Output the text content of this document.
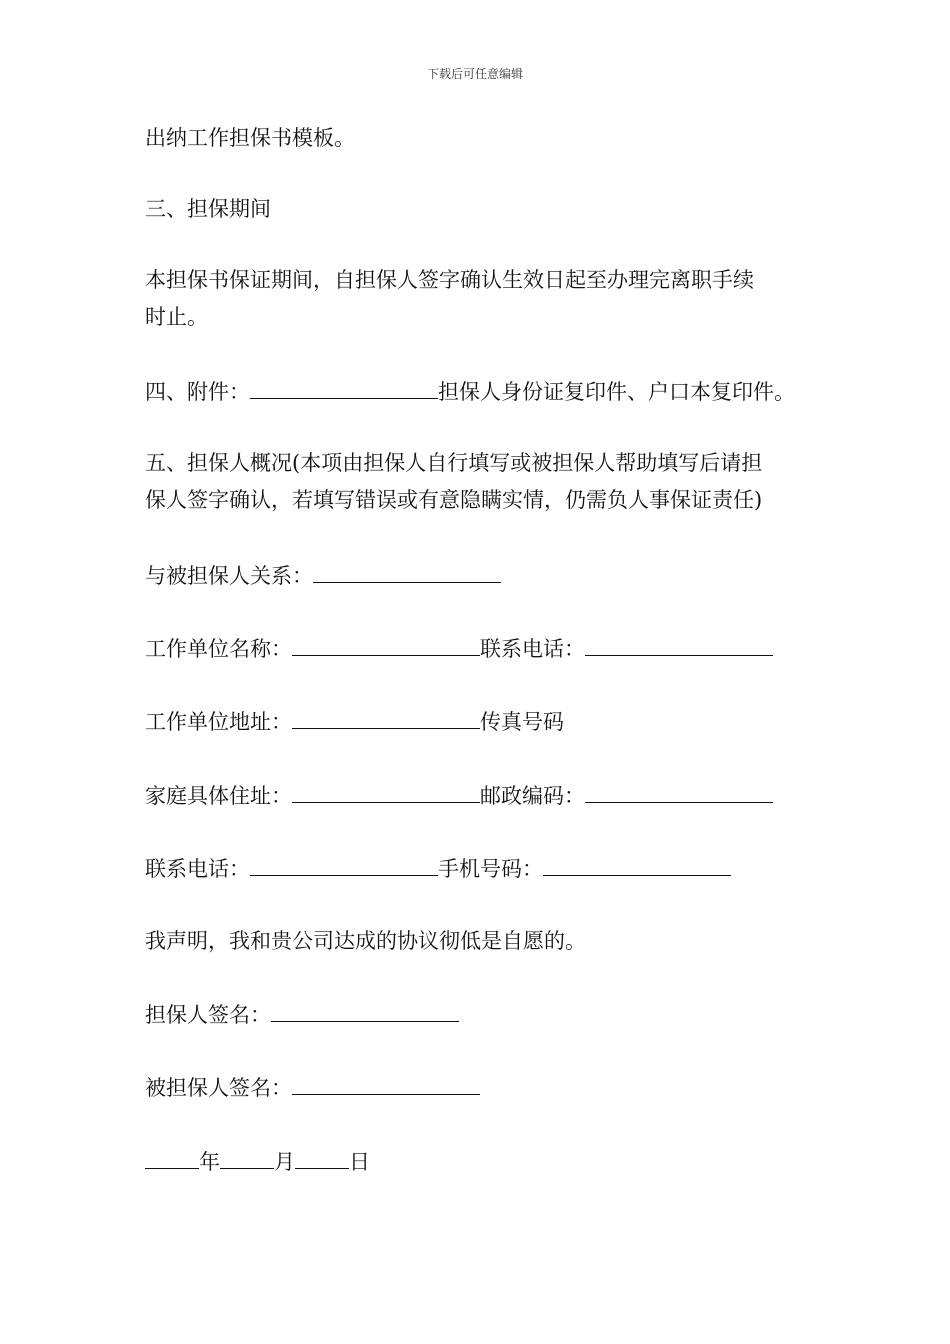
下载后可任意编辑
出纳工作担保书模板。
三、担保期间
本担保书保证期间，自担保人签字确认生效日起至办理完离职手续
时止。
四、附件：	担保人身份证复印件、户口本复印件。
五、担保人概况(本项由担保人自行填写或被担保人帮助填写后请担
保人签字确认，若填写错误或有意隐瞒实情，仍需负人事保证责任)
与被担保人关系：
工作单位名称：	联系电话：
工作单位地址：	传真号码
家庭具体住址：	邮政编码：
联系电话：	手机号码：
我声明，我和贵公司达成的协议彻低是自愿的。
担保人签名：
被担保人签名：
年	月	日
